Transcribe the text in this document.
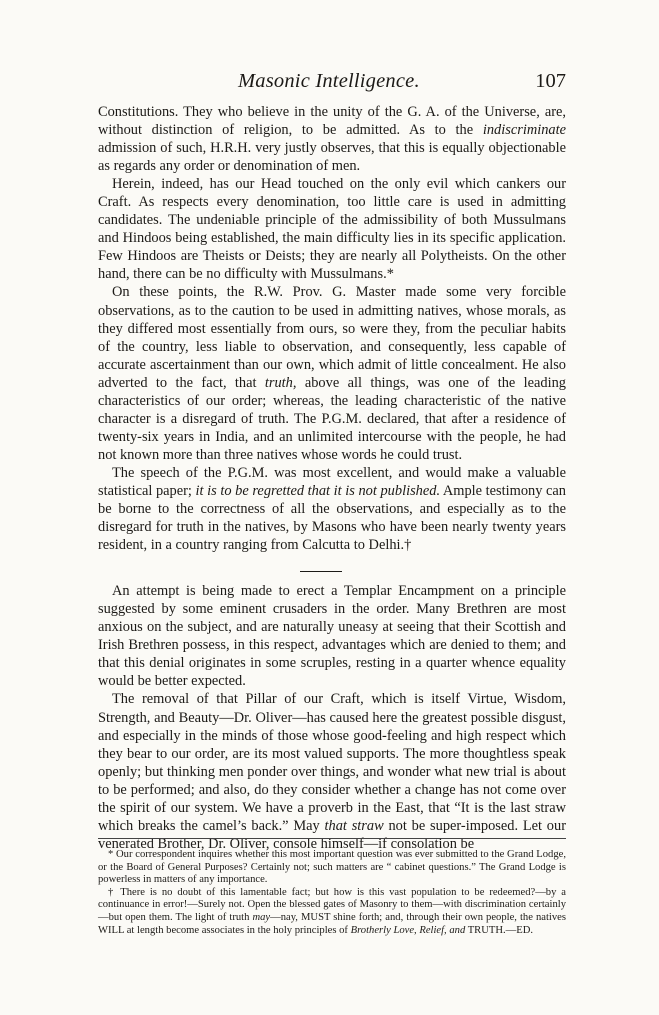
Masonic Intelligence.	107

Constitutions. They who believe in the unity of the G. A. of the Universe, are, without distinction of religion, to be admitted. As to the indiscriminate admission of such, H.R.H. very justly observes, that this is equally objectionable as regards any order or denomination of men.

Herein, indeed, has our Head touched on the only evil which cankers our Craft. As respects every denomination, too little care is used in admitting candidates. The undeniable principle of the admissibility of both Mussulmans and Hindoos being established, the main difficulty lies in its specific application. Few Hindoos are Theists or Deists; they are nearly all Polytheists. On the other hand, there can be no difficulty with Mussulmans.*

On these points, the R.W. Prov. G. Master made some very forcible observations, as to the caution to be used in admitting natives, whose morals, as they differed most essentially from ours, so were they, from the peculiar habits of the country, less liable to observation, and consequently, less capable of accurate ascertainment than our own, which admit of little concealment. He also adverted to the fact, that truth, above all things, was one of the leading characteristics of our order; whereas, the leading characteristic of the native character is a disregard of truth. The P.G.M. declared, that after a residence of twenty-six years in India, and an unlimited intercourse with the people, he had not known more than three natives whose words he could trust.

The speech of the P.G.M. was most excellent, and would make a valuable statistical paper; it is to be regretted that it is not published. Ample testimony can be borne to the correctness of all the observations, and especially as to the disregard for truth in the natives, by Masons who have been nearly twenty years resident, in a country ranging from Calcutta to Delhi.†

An attempt is being made to erect a Templar Encampment on a principle suggested by some eminent crusaders in the order. Many Brethren are most anxious on the subject, and are naturally uneasy at seeing that their Scottish and Irish Brethren possess, in this respect, advantages which are denied to them; and that this denial originates in some scruples, resting in a quarter whence equality would be better expected.

The removal of that Pillar of our Craft, which is itself Virtue, Wisdom, Strength, and Beauty—Dr. Oliver—has caused here the greatest possible disgust, and especially in the minds of those whose good-feeling and high respect which they bear to our order, are its most valued supports. The more thoughtless speak openly; but thinking men ponder over things, and wonder what new trial is about to be performed; and also, do they consider whether a change has not come over the spirit of our system. We have a proverb in the East, that “It is the last straw which breaks the camel’s back.” May that straw not be super-imposed. Let our venerated Brother, Dr. Oliver, console himself—if consolation be

* Our correspondent inquires whether this most important question was ever submitted to the Grand Lodge, or the Board of General Purposes? Certainly not; such matters are “ cabinet questions.” The Grand Lodge is powerless in matters of any importance.

† There is no doubt of this lamentable fact; but how is this vast population to be redeemed?—by a continuance in error!—Surely not. Open the blessed gates of Masonry to them—with discrimination certainly—but open them. The light of truth may—nay, MUST shine forth; and, through their own people, the natives WILL at length become associates in the holy principles of Brotherly Love, Relief, and TRUTH.—ED.
